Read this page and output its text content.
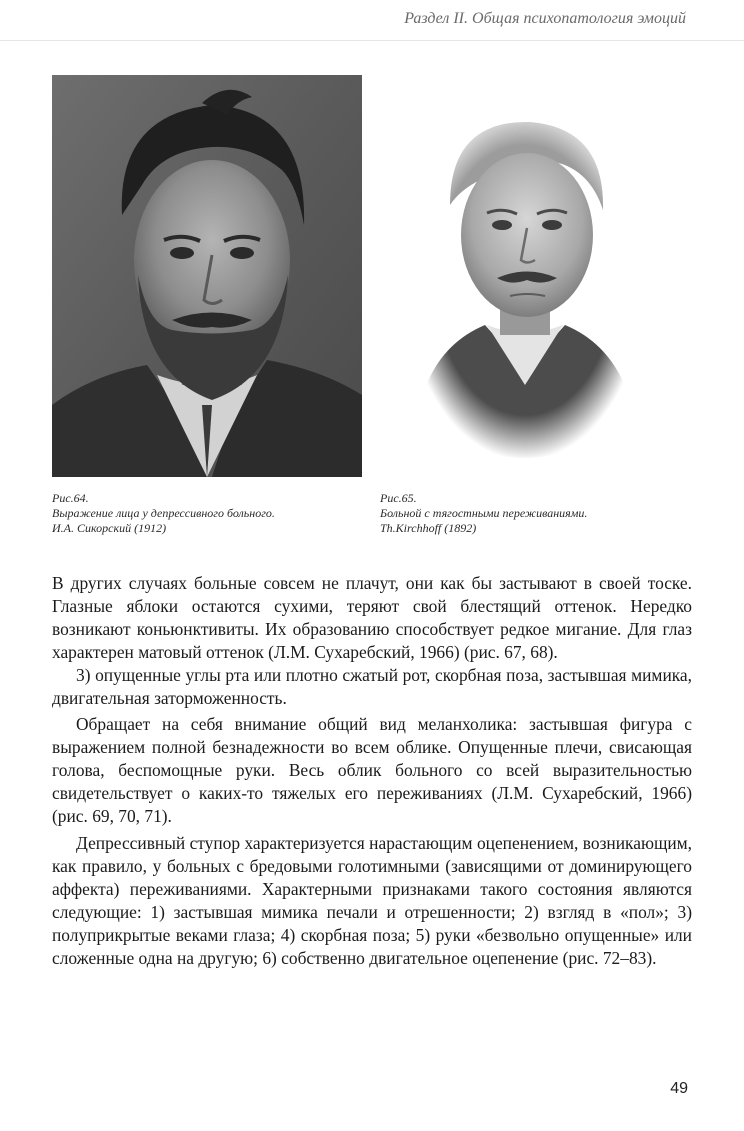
Раздел II. Общая психопатология эмоций
Рис.64.
Выражение лица у депрессивного больного.
И.А. Сикорский (1912)
Рис.65.
Больной с тягостными переживаниями.
Th.Kirchhoff (1892)

В других случаях больные совсем не плачут, они как бы застывают в своей тоске. Глазные яблоки остаются сухими, теряют свой блестящий оттенок. Нередко возникают коньюнктивиты. Их образованию способствует редкое мигание. Для глаз характерен матовый оттенок (Л.М. Сухаребский, 1966) (рис. 67, 68).

3) опущенные углы рта или плотно сжатый рот, скорбная поза, застывшая мимика, двигательная заторможенность.

Обращает на себя внимание общий вид меланхолика: застывшая фигура с выражением полной безнадежности во всем облике. Опущенные плечи, свисающая голова, беспомощные руки. Весь облик больного со всей выразительностью свидетельствует о каких-то тяжелых его переживаниях (Л.М. Сухаребский, 1966) (рис. 69, 70, 71).

Депрессивный ступор характеризуется нарастающим оцепенением, возникающим, как правило, у больных с бредовыми голотимными (зависящими от доминирующего аффекта) переживаниями. Характерными признаками такого состояния являются следующие: 1) застывшая мимика печали и отрешенности; 2) взгляд в «пол»; 3) полуприкрытые веками глаза; 4) скорбная поза; 5) руки «безвольно опущенные» или сложенные одна на другую; 6) собственно двигательное оцепенение (рис. 72–83).

49
